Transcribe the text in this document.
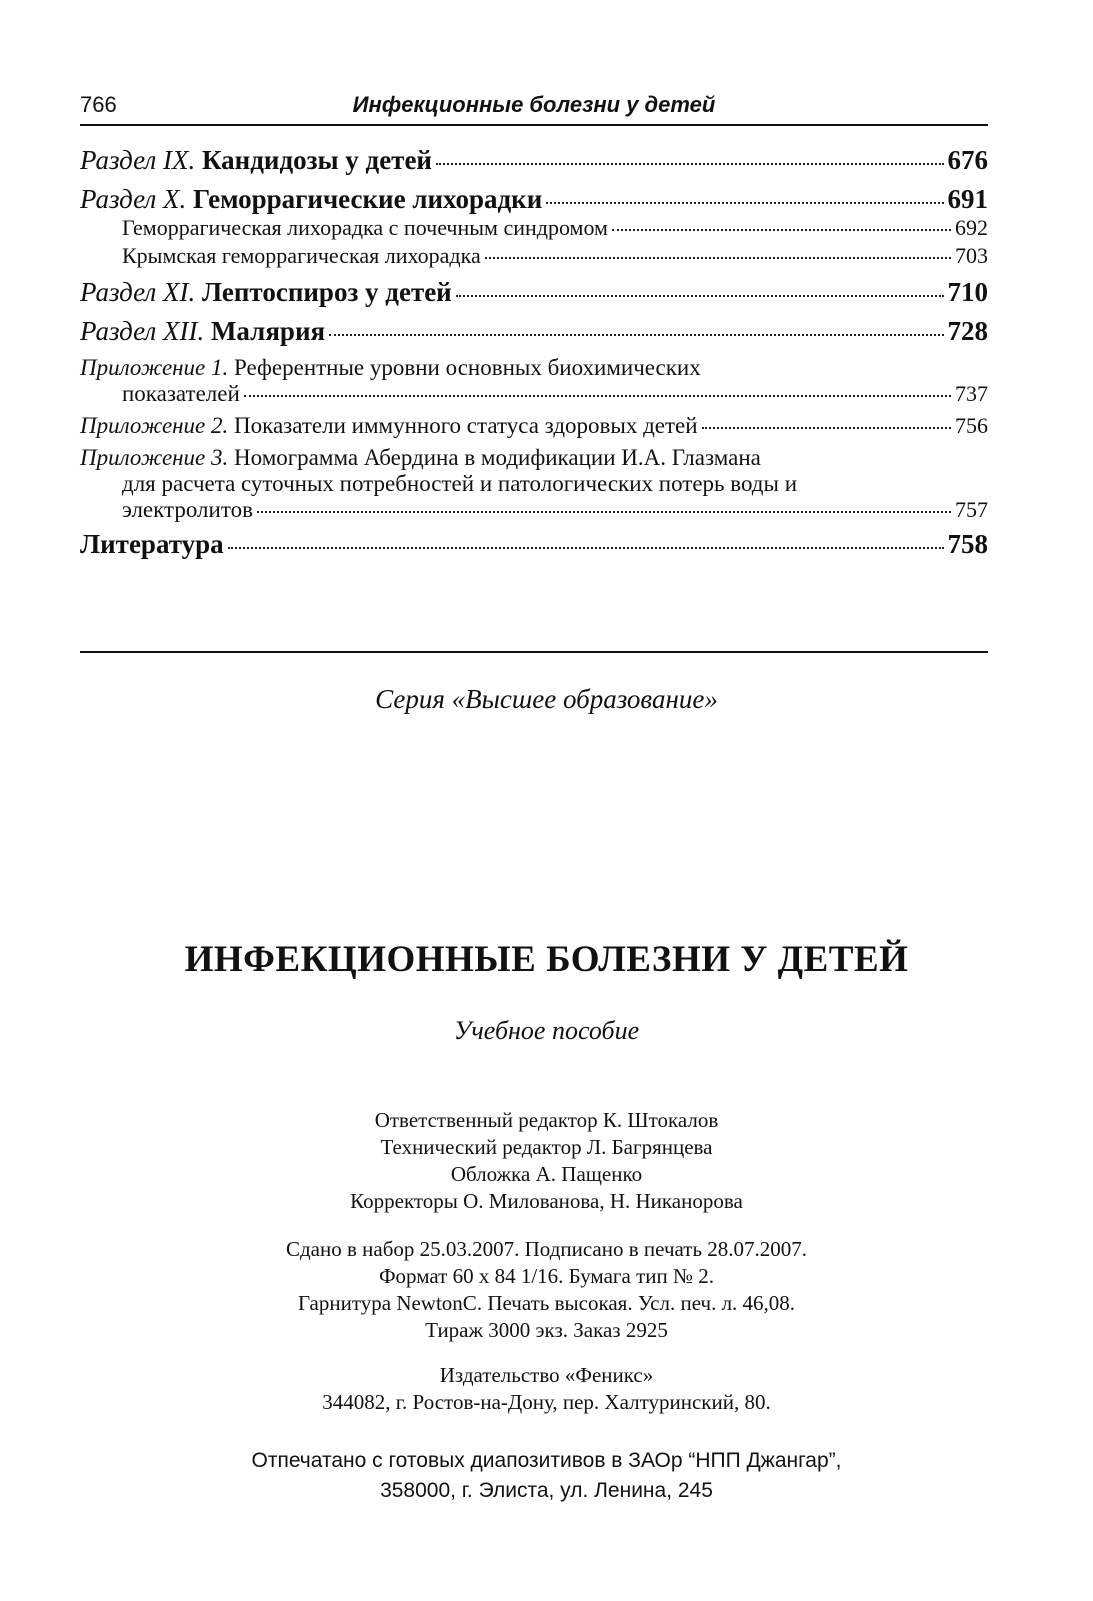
766	Инфекционные болезни у детей
Раздел IX. Кандидозы у детей	676
Раздел X. Геморрагические лихорадки	691
Геморрагическая лихорадка с почечным синдромом	692
Крымская геморрагическая лихорадка	703
Раздел XI. Лептоспироз у детей	710
Раздел XII. Малярия	728
Приложение 1. Референтные уровни основных биохимических
показателей	737
Приложение 2. Показатели иммунного статуса здоровых детей	756
Приложение 3. Номограмма Абердина в модификации И.А. Глазмана
для расчета суточных потребностей и патологических потерь воды и
электролитов	757
Литература	758
Серия «Высшее образование»
ИНФЕКЦИОННЫЕ БОЛЕЗНИ У ДЕТЕЙ
Учебное пособие
Ответственный редактор К. Штокалов
Технический редактор Л. Багрянцева
Обложка А. Пащенко
Корректоры О. Милованова, Н. Никанорова
Сдано в набор 25.03.2007. Подписано в печать 28.07.2007.
Формат 60 х 84 1/16. Бумага тип № 2.
Гарнитура NewtonC. Печать высокая. Усл. печ. л. 46,08.
Тираж 3000 экз. Заказ 2925
Издательство «Феникс»
344082, г. Ростов-на-Дону, пер. Халтуринский, 80.
Отпечатано с готовых диапозитивов в ЗАОр “НПП Джангар”,
358000, г. Элиста, ул. Ленина, 245
